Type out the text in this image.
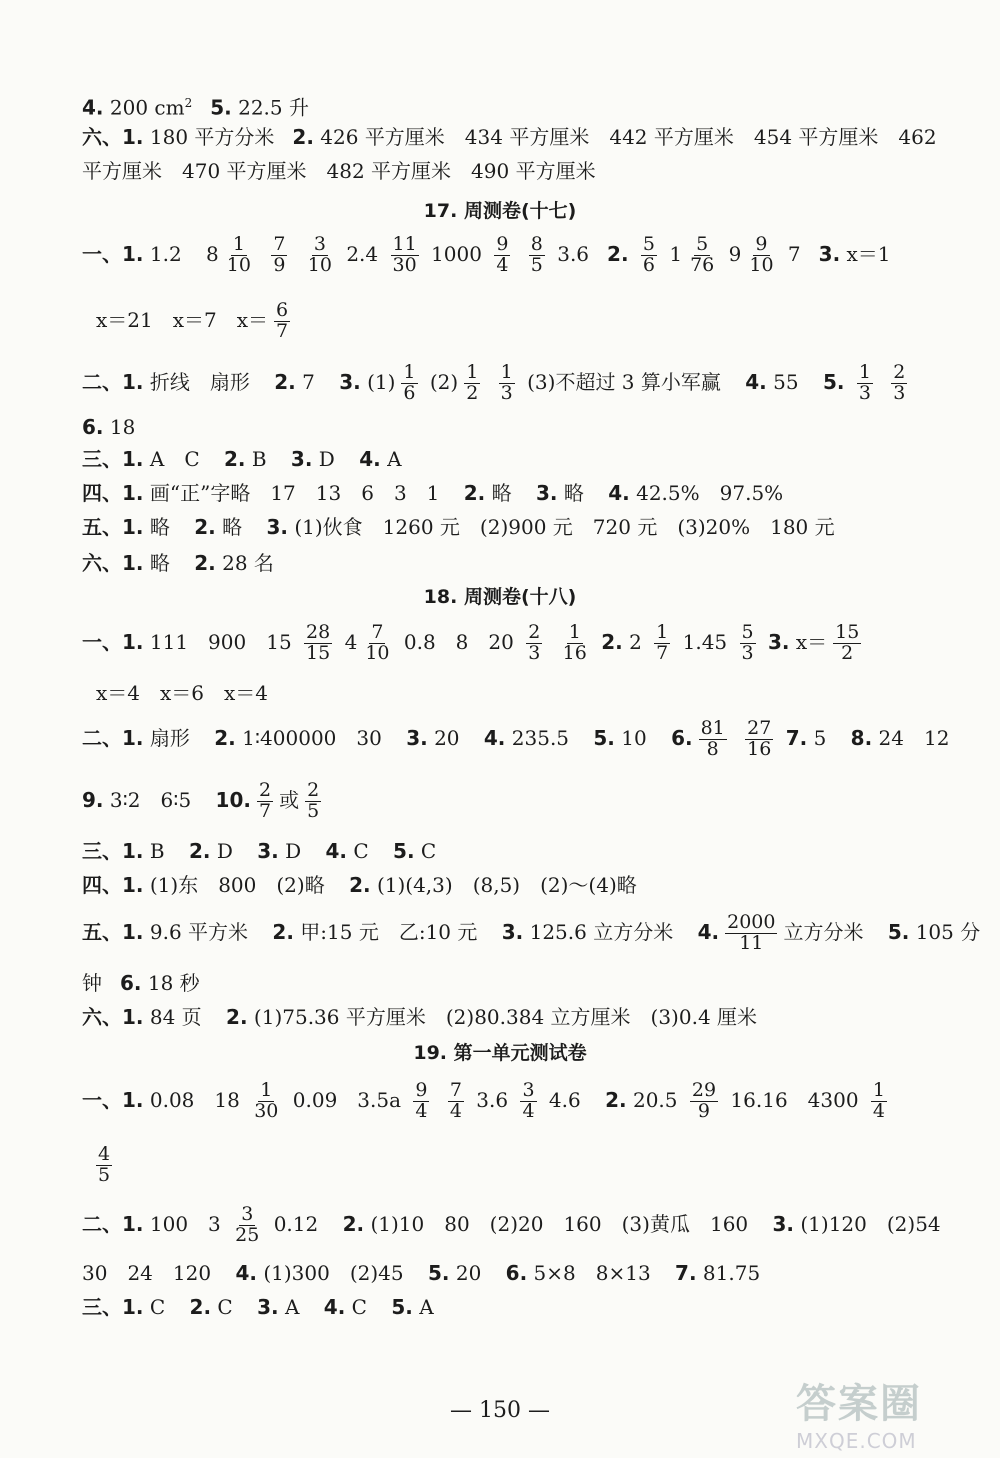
4. 200 $cm^2$ 5. 22.5 升
六、1. 180 平方分米 2. 426 平方厘米　434 平方厘米　442 平方厘米　454 平方厘米　462
平方厘米　470 平方厘米　482 平方厘米　490 平方厘米
17. 周测卷(十七)
一、1. 1.2 $8 \frac{1}{10}$
$\frac{7}{9}$
$\frac{3}{10} 2.4 \frac{11}{30} 1000 \frac{9}{4}$
$\frac{8}{5} 3.6$ 2. $\frac{5}{6} 1 \frac{5}{76} 9 \frac{9}{10} 7$ 3. x＝1
x＝21　x＝7　$x= \frac{6}{7}$
二、1. 折线　扇形 2. 7 3. $(1) \frac{1}{6} (2) \frac{1}{2}$
$\frac{1}{3} (3)$不超过 3 算小军赢 4. 55 5. $\frac{1}{3}$
$\frac{2}{3}$
6. 18
三、1. A　C 2. B 3. D 4. A
四、1. 画“正”字略　17　13　6　3　1 2. 略 3. 略 4. 42.5%　97.5%
五、1. 略 2. 略 3. (1)伙食　1260 元　(2)900 元　720 元　(3)20%　180 元
六、1. 略 2. 28 名
18. 周测卷(十八)
一、1. 111　900　$15 \frac{28}{15} 4 \frac{7}{10} 0.8$　8　$20 \frac{2}{3}$
$\frac{1}{16} 2$. $2 \frac{1}{7} 1.45 \frac{5}{3} 3$. $x= \frac{15}{2}$
x＝4　x＝6　x＝4
二、1. 扇形 2. 1∶400000　30 3. 20 4. 235.5 5. 10 6. $\frac{81}{8}$
$\frac{27}{16} 7$. 5 8. 24　12
9. 3∶2　6∶5 10. $\frac{2}{7}$ 或 $\frac{2}{5}$
三、1. B 2. D 3. D 4. C 5. C
四、1. (1)东　800　(2)略 2. (1)(4,3)　(8,5)　(2)～(4)略
五、1. 9.6 平方米 2. 甲:15 元　乙:10 元 3. 125.6 立方分米 4. $\frac{2000}{11}$ 立方分米 5. 105 分
钟 6. 18 秒
六、1. 84 页 2. (1)75.36 平方厘米　(2)80.384 立方厘米　(3)0.4 厘米
19. 第一单元测试卷
一、1. 0.08　$18 \frac{1}{30} 0.09$　$3.5a \frac{9}{4}$
$\frac{7}{4} 3.6 \frac{3}{4} 4.6$ 2. $20.5 \frac{29}{9} 16.16$　$4300 \frac{1}{4}$
$\frac{4}{5}$
二、1. 100　$3 \frac{3}{25} 0.12$ 2. (1)10　80　(2)20　160　(3)黄瓜　160 3. (1)120　(2)54
30　24　120 4. (1)300　(2)45 5. 20 6. 5×8　8×13 7. 81.75
三、1. C 2. C 3. A 4. C 5. A
— 150 —	答案圈
MXQE.COM
